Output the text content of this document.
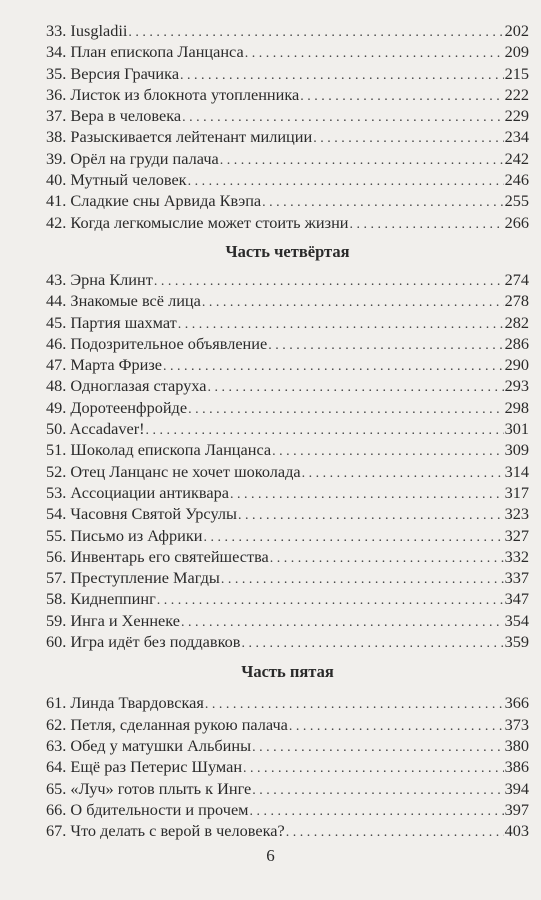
33. Iusgladii . . .	202
34. План епископа Ланцанса . . .	209
35. Версия Грачика . . .	215
36. Листок из блокнота утопленника . . .	222
37. Вера в человека . . .	229
38. Разыскивается лейтенант милиции . . .	234
39. Орёл на груди палача . . .	242
40. Мутный человек . . .	246
41. Сладкие сны Арвида Квэпа . . .	255
42. Когда легкомыслие может стоить жизни . . .	266
Часть четвёртая
43. Эрна Клинт . . .	274
44. Знакомые всё лица . . .	278
45. Партия шахмат . . .	282
46. Подозрительное объявление . . .	286
47. Марта Фризе . . .	290
48. Одноглазая старуха . . .	293
49. Доротеенфройде . . .	298
50. Accadaver! . . .	301
51. Шоколад епископа Ланцанса . . .	309
52. Отец Ланцанс не хочет шоколада . . .	314
53. Ассоциации антиквара . . .	317
54. Часовня Святой Урсулы . . .	323
55. Письмо из Африки . . .	327
56. Инвентарь его святейшества . . .	332
57. Преступление Магды . . .	337
58. Киднеппинг . . .	347
59. Инга и Хеннеке . . .	354
60. Игра идёт без поддавков . . .	359
Часть пятая
61. Линда Твардовская . . .	366
62. Петля, сделанная рукою палача . . .	373
63. Обед у матушки Альбины . . .	380
64. Ещё раз Петерис Шуман . . .	386
65. «Луч» готов плыть к Инге . . .	394
66. О бдительности и прочем . . .	397
67. Что делать с верой в человека? . . .	403
6
